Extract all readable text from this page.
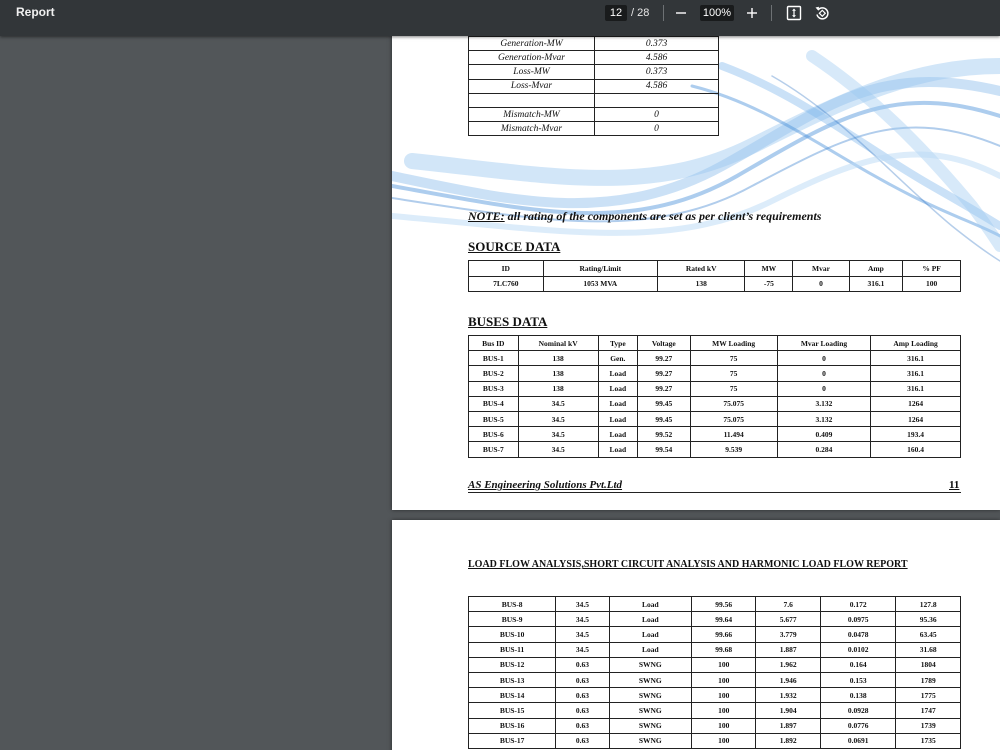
Report	12 / 28	100%

Generation-MW	0.373
Generation-Mvar	4.586
Loss-MW	0.373
Loss-Mvar	4.586

Mismatch-MW	0
Mismatch-Mvar	0
NOTE: all rating of the components are set as per client’s requirements
SOURCE DATA
ID	Rating/Limit	Rated kV	MW	Mvar	Amp	% PF
7LC760	1053 MVA	138	-75	0	316.1	100
BUSES DATA
Bus ID	Nominal kV	Type	Voltage	MW Loading	Mvar Loading	Amp Loading
BUS-1	138	Gen.	99.27	75	0	316.1
BUS-2	138	Load	99.27	75	0	316.1
BUS-3	138	Load	99.27	75	0	316.1
BUS-4	34.5	Load	99.45	75.075	3.132	1264
BUS-5	34.5	Load	99.45	75.075	3.132	1264
BUS-6	34.5	Load	99.52	11.494	0.409	193.4
BUS-7	34.5	Load	99.54	9.539	0.284	160.4
AS Engineering Solutions Pvt.Ltd	11
LOAD FLOW ANALYSIS,SHORT CIRCUIT ANALYSIS AND HARMONIC LOAD FLOW REPORT
BUS-8	34.5	Load	99.56	7.6	0.172	127.8
BUS-9	34.5	Load	99.64	5.677	0.0975	95.36
BUS-10	34.5	Load	99.66	3.779	0.0478	63.45
BUS-11	34.5	Load	99.68	1.887	0.0102	31.68
BUS-12	0.63	SWNG	100	1.962	0.164	1804
BUS-13	0.63	SWNG	100	1.946	0.153	1789
BUS-14	0.63	SWNG	100	1.932	0.138	1775
BUS-15	0.63	SWNG	100	1.904	0.0928	1747
BUS-16	0.63	SWNG	100	1.897	0.0776	1739
BUS-17	0.63	SWNG	100	1.892	0.0691	1735
